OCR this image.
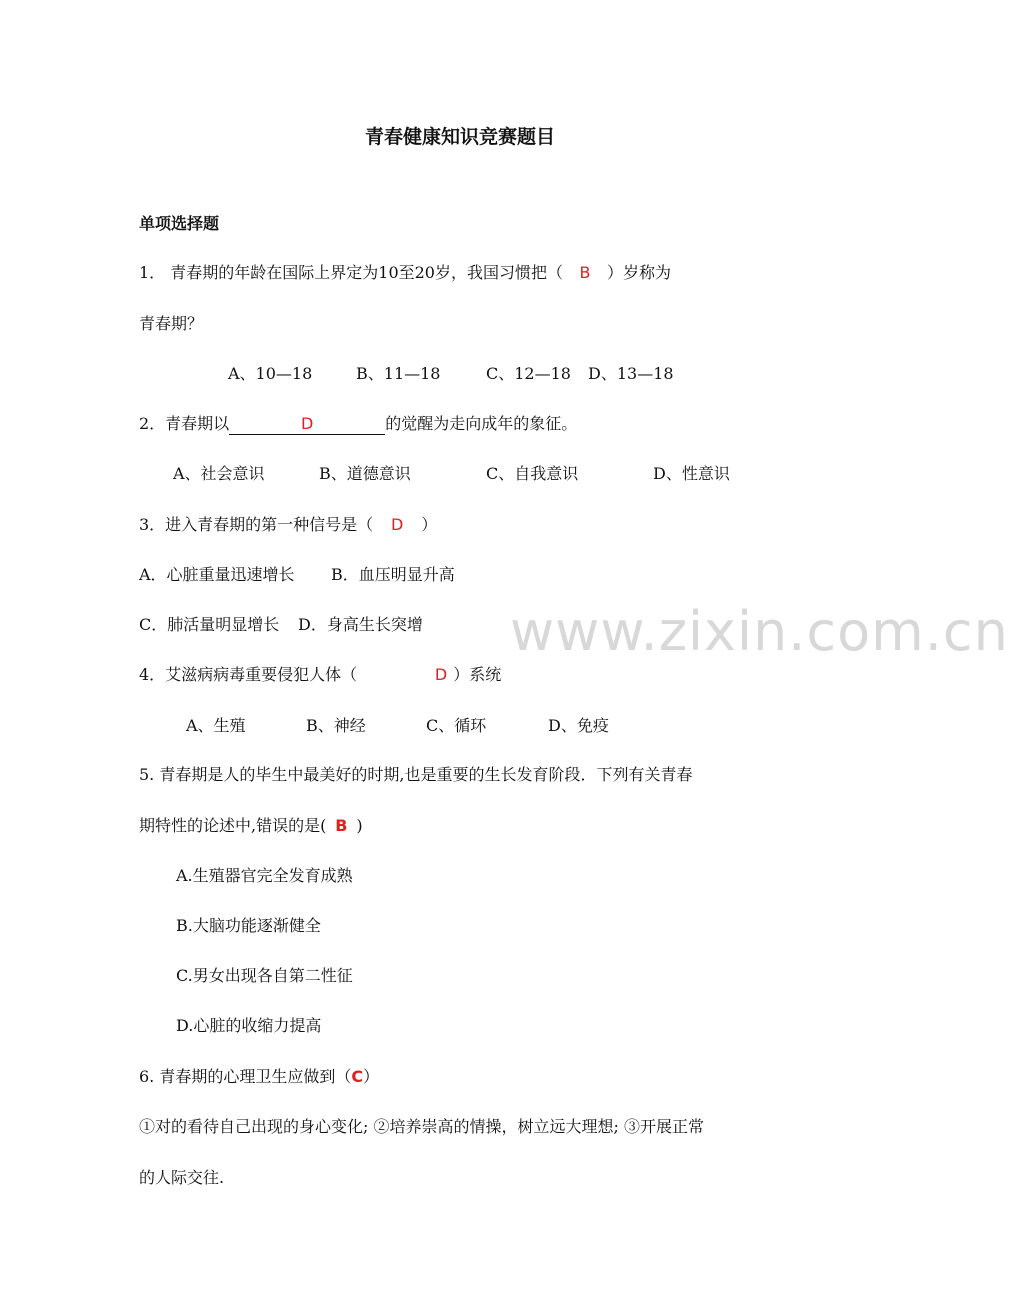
青春健康知识竞赛题目
单项选择题
1． 青春期的年龄在国际上界定为10至20岁，我国习惯把（ B ）岁称为
青春期？
A、10—18	B、11—18	C、12—18 D、13—18
2．青春期以	D	的觉醒为走向成年的象征。
A、社会意识	B、道德意识	C、自我意识	D、性意识
3．进入青春期的第一种信号是（ D ）
A．心脏重量迅速增长 B．血压明显升高
C．肺活量明显增长 D．身高生长突增 www.zixin.com.cn
4．艾滋病病毒重要侵犯人体（	D ）系统
A、生殖	B、神经	C、循环	D、免疫
5. 青春期是人的毕生中最美好的时期,也是重要的生长发育阶段．下列有关青春
期特性的论述中,错误的是( B )
A.生殖器官完全发育成熟
B.大脑功能逐渐健全
C.男女出现各自第二性征
D.心脏的收缩力提高
6. 青春期的心理卫生应做到（C）
①对的看待自己出现的身心变化; ②培养崇高的情操，树立远大理想; ③开展正常
的人际交往.
